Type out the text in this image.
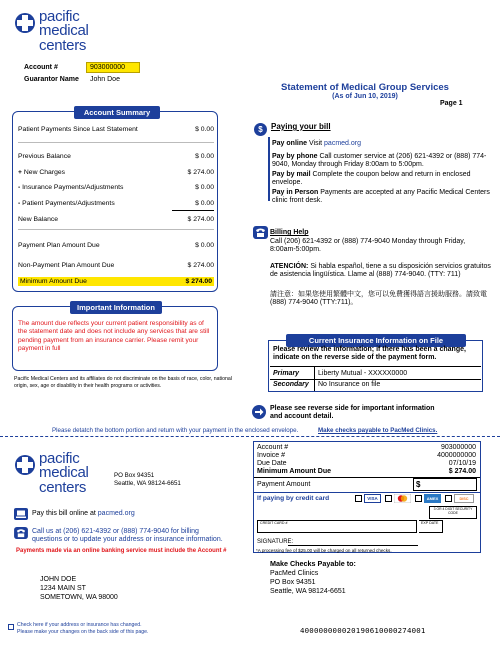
pacific
medical
centers
Account #	903000000
Guarantor Name John Doe
Statement of Medical Group Services
(As of Jun 10, 2019)
Page 1
Account Summary
Patient Payments Since Last Statement	$ 0.00
Previous Balance	$ 0.00
+ New Charges	$ 274.00
- Insurance Payments/Adjustments	$ 0.00
- Patient Payments/Adjustments	$ 0.00
New Balance	$ 274.00
Payment Plan Amount Due	$ 0.00
Non-Payment Plan Amount Due	$ 274.00
Minimum Amount Due	$ 274.00
Important Information
The amount due reflects your current patient responsibility as of the statement date and does not include any services that are still pending payment from an insurance carrier. Please remit your payment in full
Pacific Medical Centers and its affiliates do not discriminate on the basis of race, color, national origin, sex, age or disability in their health programs or activities.
$	Paying your bill
Pay online Visit pacmed.org
Pay by phone Call customer service at (206) 621-4392 or (888) 774-9040, Monday through Friday 8:00am to 5:00pm.
Pay by mail Complete the coupon below and return in enclosed envelope.
Pay in Person Payments are accepted at any Pacific Medical Centers clinic front desk.
Billing Help
Call (206) 621-4392 or (888) 774-9040 Monday through Friday, 8:00am-5:00pm.
ATENCIÓN: Si habla español, tiene a su disposición servicios gratuitos de asistencia lingüística. Llame al (888) 774-9040. (TTY: 711)
請注意：如果您使用繁體中文，您可以免費獲得語言援助服務。請致電 (888) 774-9040 (TTY:711)。
Current Insurance Information on File
Please review the information; if there has been a change, indicate on the reverse side of the payment form.
Primary	Liberty Mutual - XXXXX0000
Secondary No Insurance on file
Please see reverse side for important information and account detail.
Please detatch the bottom portion and return with your payment in the enclosed envelope.	Make checks payable to PacMed Clinics.
pacific
medical
centers
PO Box 94351
Seattle, WA 98124-6651
Pay this bill online at pacmed.org
Call us at (206) 621-4392 or (888) 774-9040 for billing questions or to update your address or insurance information.
Payments made via an online banking service must include the Account #
JOHN DOE
1234 MAIN ST
SOMETOWN, WA 98000
Check here if your address or insurance has changed.
Please make your changes on the back side of this page.
Account #	903000000
Invoice #	4000000000
Due Date	07/10/19
Minimum Amount Due	$ 274.00
Payment Amount	$
If paying by credit card	VISA	AMEX	DISC
3 OR 4 DIGIT SECURITY CODE
CREDIT CARD #	EXP DATE
SIGNATURE:
*A processing fee of $25.00 will be charged on all returned checks.
Make Checks Payable to:
PacMed Clinics
PO Box 94351
Seattle, WA 98124-6651
400000000020190610000274001
